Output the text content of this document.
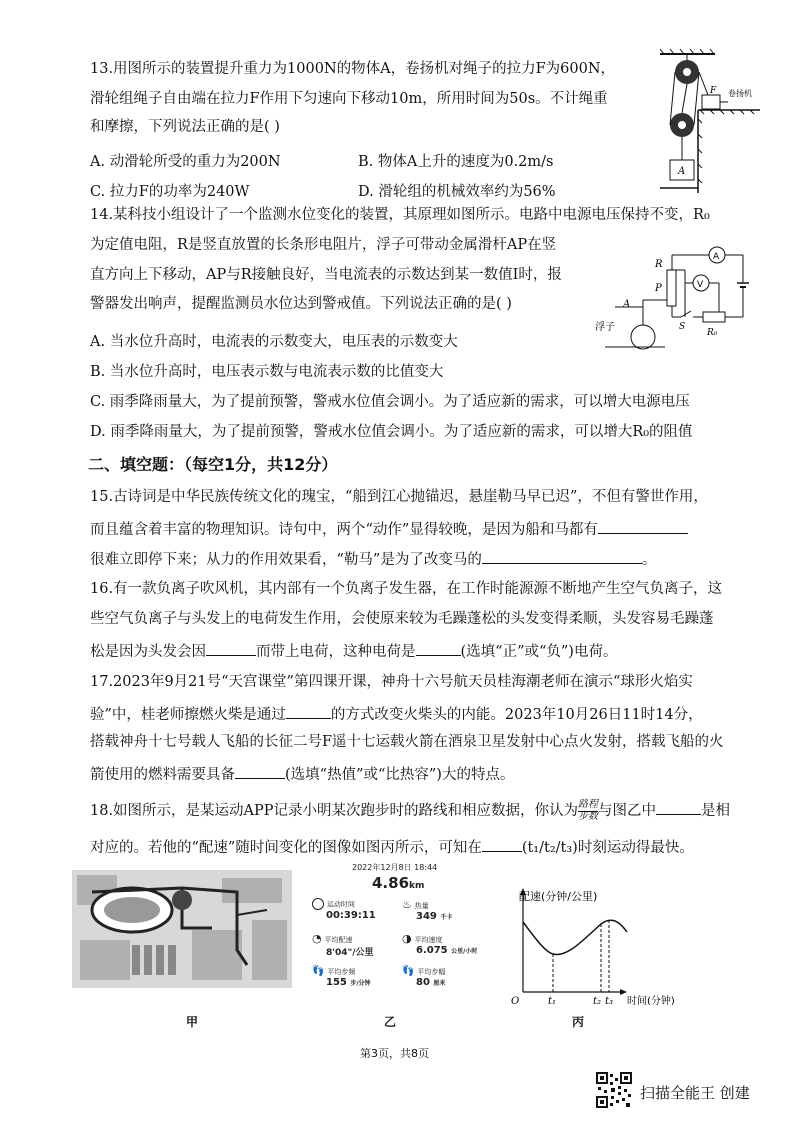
13.用图所示的装置提升重力为1000N的物体A，卷扬机对绳子的拉力F为600N，
滑轮组绳子自由端在拉力F作用下匀速向下移动10m，所用时间为50s。不计绳重
和摩擦，下列说法正确的是( )
A. 动滑轮所受的重力为200N	B. 物体A上升的速度为0.2m/s
C. 拉力F的功率为240W	D. 滑轮组的机械效率约为56%
A
F 卷扬机
14.某科技小组设计了一个监测水位变化的装置，其原理如图所示。电路中电源电压保持不变，R₀
为定值电阻，R是竖直放置的长条形电阻片，浮子可带动金属滑杆AP在竖
直方向上下移动，AP与R接触良好，当电流表的示数达到某一数值I时，报
警器发出响声，提醒监测员水位达到警戒值。下列说法正确的是( )
A. 当水位升高时，电流表的示数变大，电压表的示数变大
B. 当水位升高时，电压表示数与电流表示数的比值变大
C. 雨季降雨量大，为了提前预警，警戒水位值会调小。为了适应新的需求，可以增大电源电压
D. 雨季降雨量大，为了提前预警，警戒水位值会调小。为了适应新的需求，可以增大R₀的阻值
R
P
A
浮子
A
V
S
R₀
二、填空题：（每空1分，共12分）
15.古诗词是中华民族传统文化的瑰宝，“船到江心抛锚迟，悬崖勒马早已迟”，不但有警世作用，
而且蕴含着丰富的物理知识。诗句中，两个“动作”显得较晚，是因为船和马都有
很难立即停下来；从力的作用效果看，“勒马”是为了改变马的	。
16.有一款负离子吹风机，其内部有一个负离子发生器，在工作时能源源不断地产生空气负离子，这
些空气负离子与头发上的电荷发生作用，会使原来较为毛躁蓬松的头发变得柔顺，头发容易毛躁蓬
松是因为头发会因	而带上电荷，这种电荷是	(选填“正”或“负”)电荷。
17.2023年9月21号“天宫课堂”第四课开课，神舟十六号航天员桂海潮老师在演示“球形火焰实
验”中，桂老师擦燃火柴是通过	的方式改变火柴头的内能。2023年10月26日11时14分，
搭载神舟十七号载人飞船的长征二号F遥十七运载火箭在酒泉卫星发射中心点火发射，搭载飞船的火
箭使用的燃料需要具备	(选填“热值”或“比热容”)大的特点。
18.如图所示，是某运动APP记录小明某次跑步时的路线和相应数据，你认为 路程
步数 与图乙中	是相
对应的。若他的“配速”随时间变化的图像如图丙所示，可知在	(t₁/t₂/t₃)时刻运动得最快。
甲
2022年12月8日 18:44
4.86km
运动时间
00:39:11
♨ 热量
349 千卡
◔ 平均配速
8'04"/公里
◑ 平均速度
6.075 公里/小时
👣 平均步频
155 步/分钟
👣 平均步幅
80 厘米
乙
配速(分钟/公里)
时间(分钟)
O	t₁	t₂ t₃
丙
第3页，共8页
扫描全能王 创建
